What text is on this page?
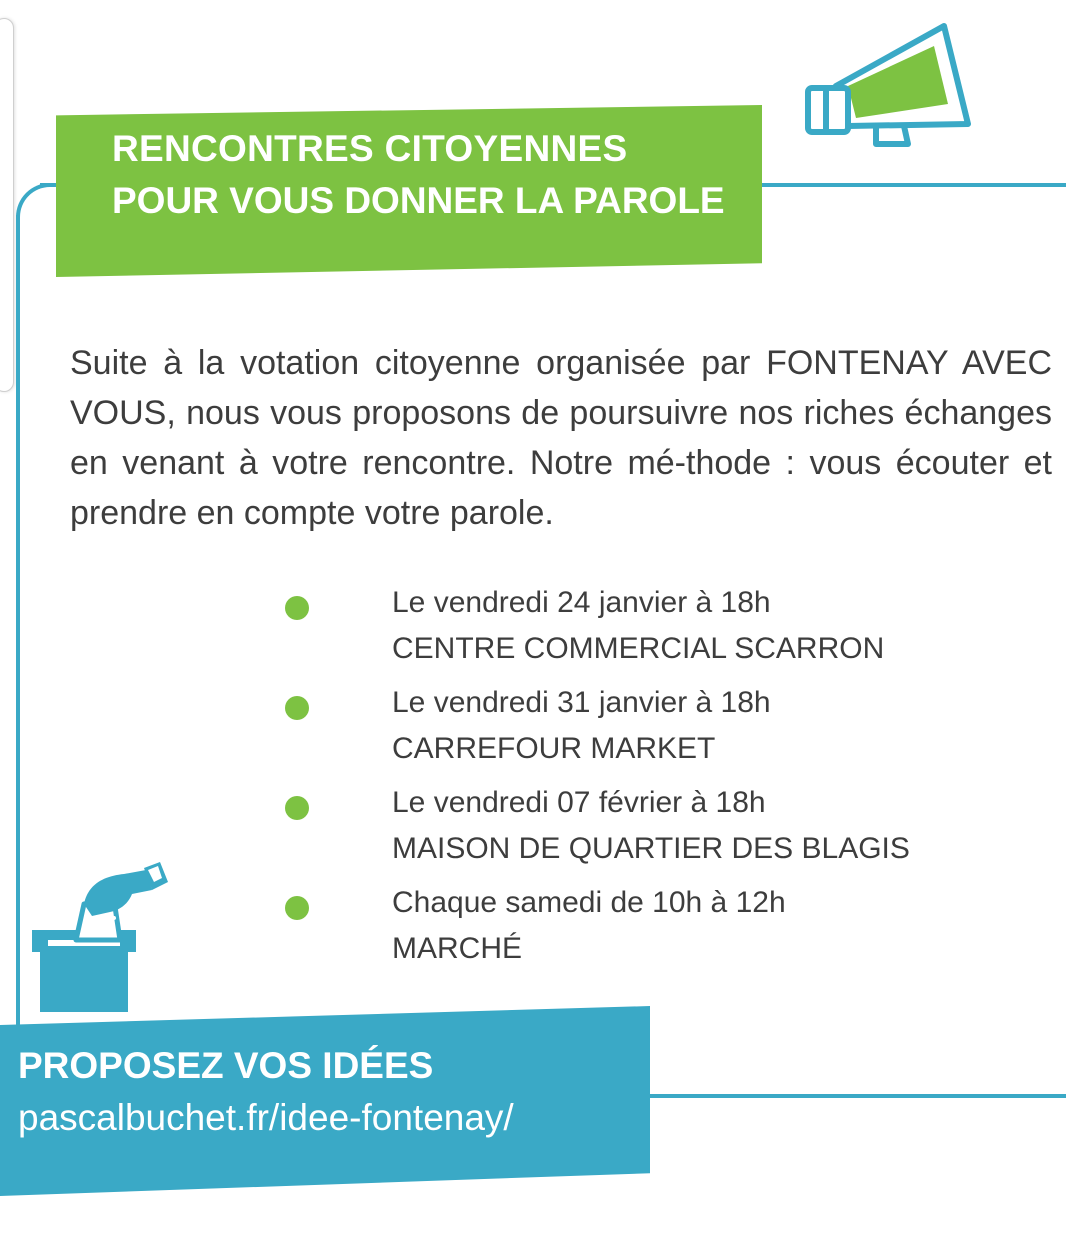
RENCONTRES CITOYENNES
POUR VOUS DONNER LA PAROLE

Suite à la votation citoyenne organisée par FONTENAY AVEC VOUS, nous vous proposons de poursuivre nos riches échanges en venant à votre rencontre. Notre mé-thode : vous écouter et prendre en compte votre parole.

Le vendredi 24 janvier à 18h
CENTRE COMMERCIAL SCARRON
Le vendredi 31 janvier à 18h
CARREFOUR MARKET
Le vendredi 07 février à 18h
MAISON DE QUARTIER DES BLAGIS
Chaque samedi de 10h à 12h
MARCHÉ

PROPOSEZ VOS IDÉES

pascalbuchet.fr/idee-fontenay/
